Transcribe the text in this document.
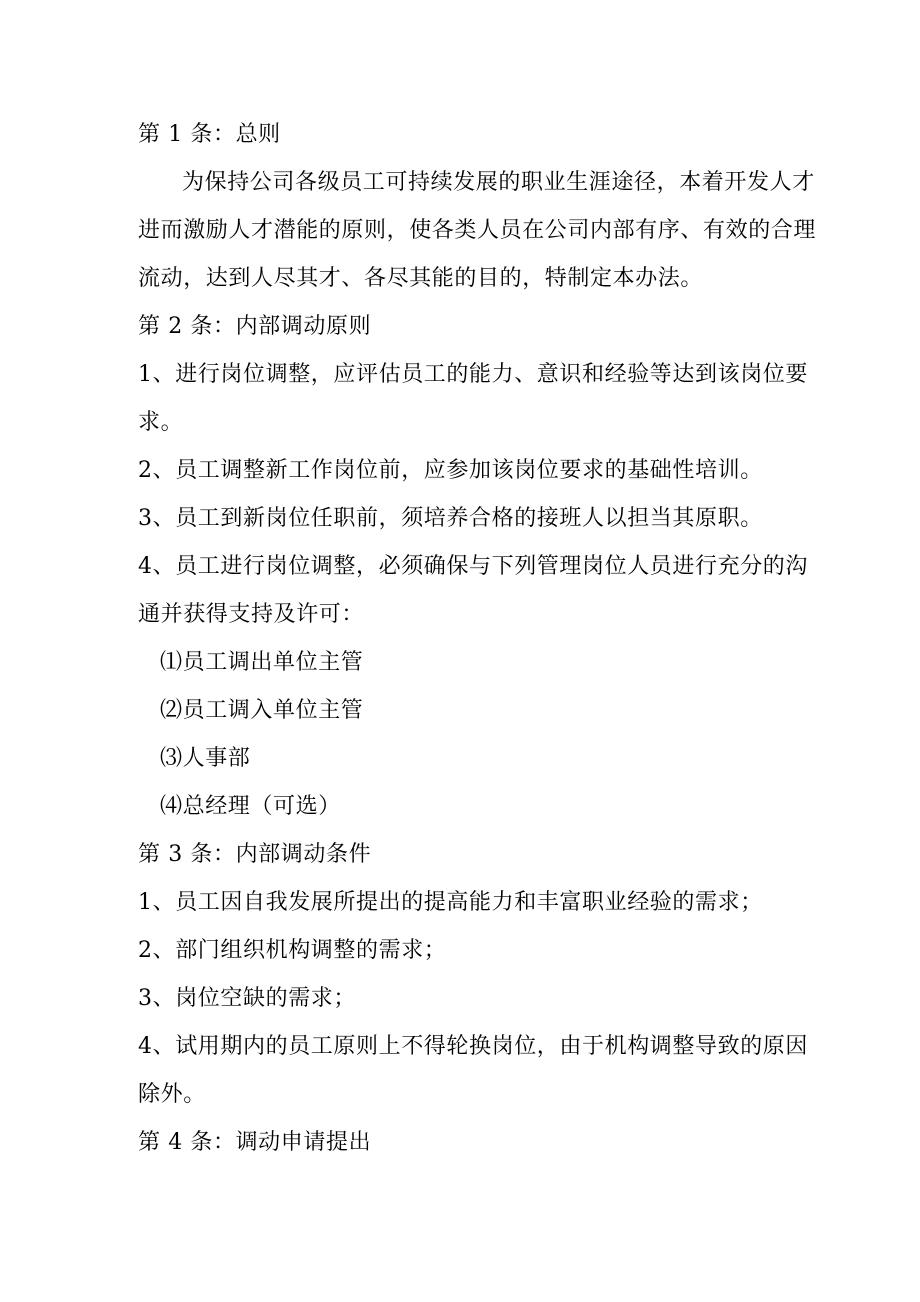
第 1 条：总则
为保持公司各级员工可持续发展的职业生涯途径，本着开发人才
进而激励人才潜能的原则，使各类人员在公司内部有序、有效的合理
流动，达到人尽其才、各尽其能的目的，特制定本办法。
第 2 条：内部调动原则
1、进行岗位调整，应评估员工的能力、意识和经验等达到该岗位要
求。
2、员工调整新工作岗位前，应参加该岗位要求的基础性培训。
3、员工到新岗位任职前，须培养合格的接班人以担当其原职。
4、员工进行岗位调整，必须确保与下列管理岗位人员进行充分的沟
通并获得支持及许可：
⑴员工调出单位主管
⑵员工调入单位主管
⑶人事部
⑷总经理（可选）
第 3 条：内部调动条件
1、员工因自我发展所提出的提高能力和丰富职业经验的需求；
2、部门组织机构调整的需求；
3、岗位空缺的需求；
4、试用期内的员工原则上不得轮换岗位，由于机构调整导致的原因
除外。
第 4 条：调动申请提出
